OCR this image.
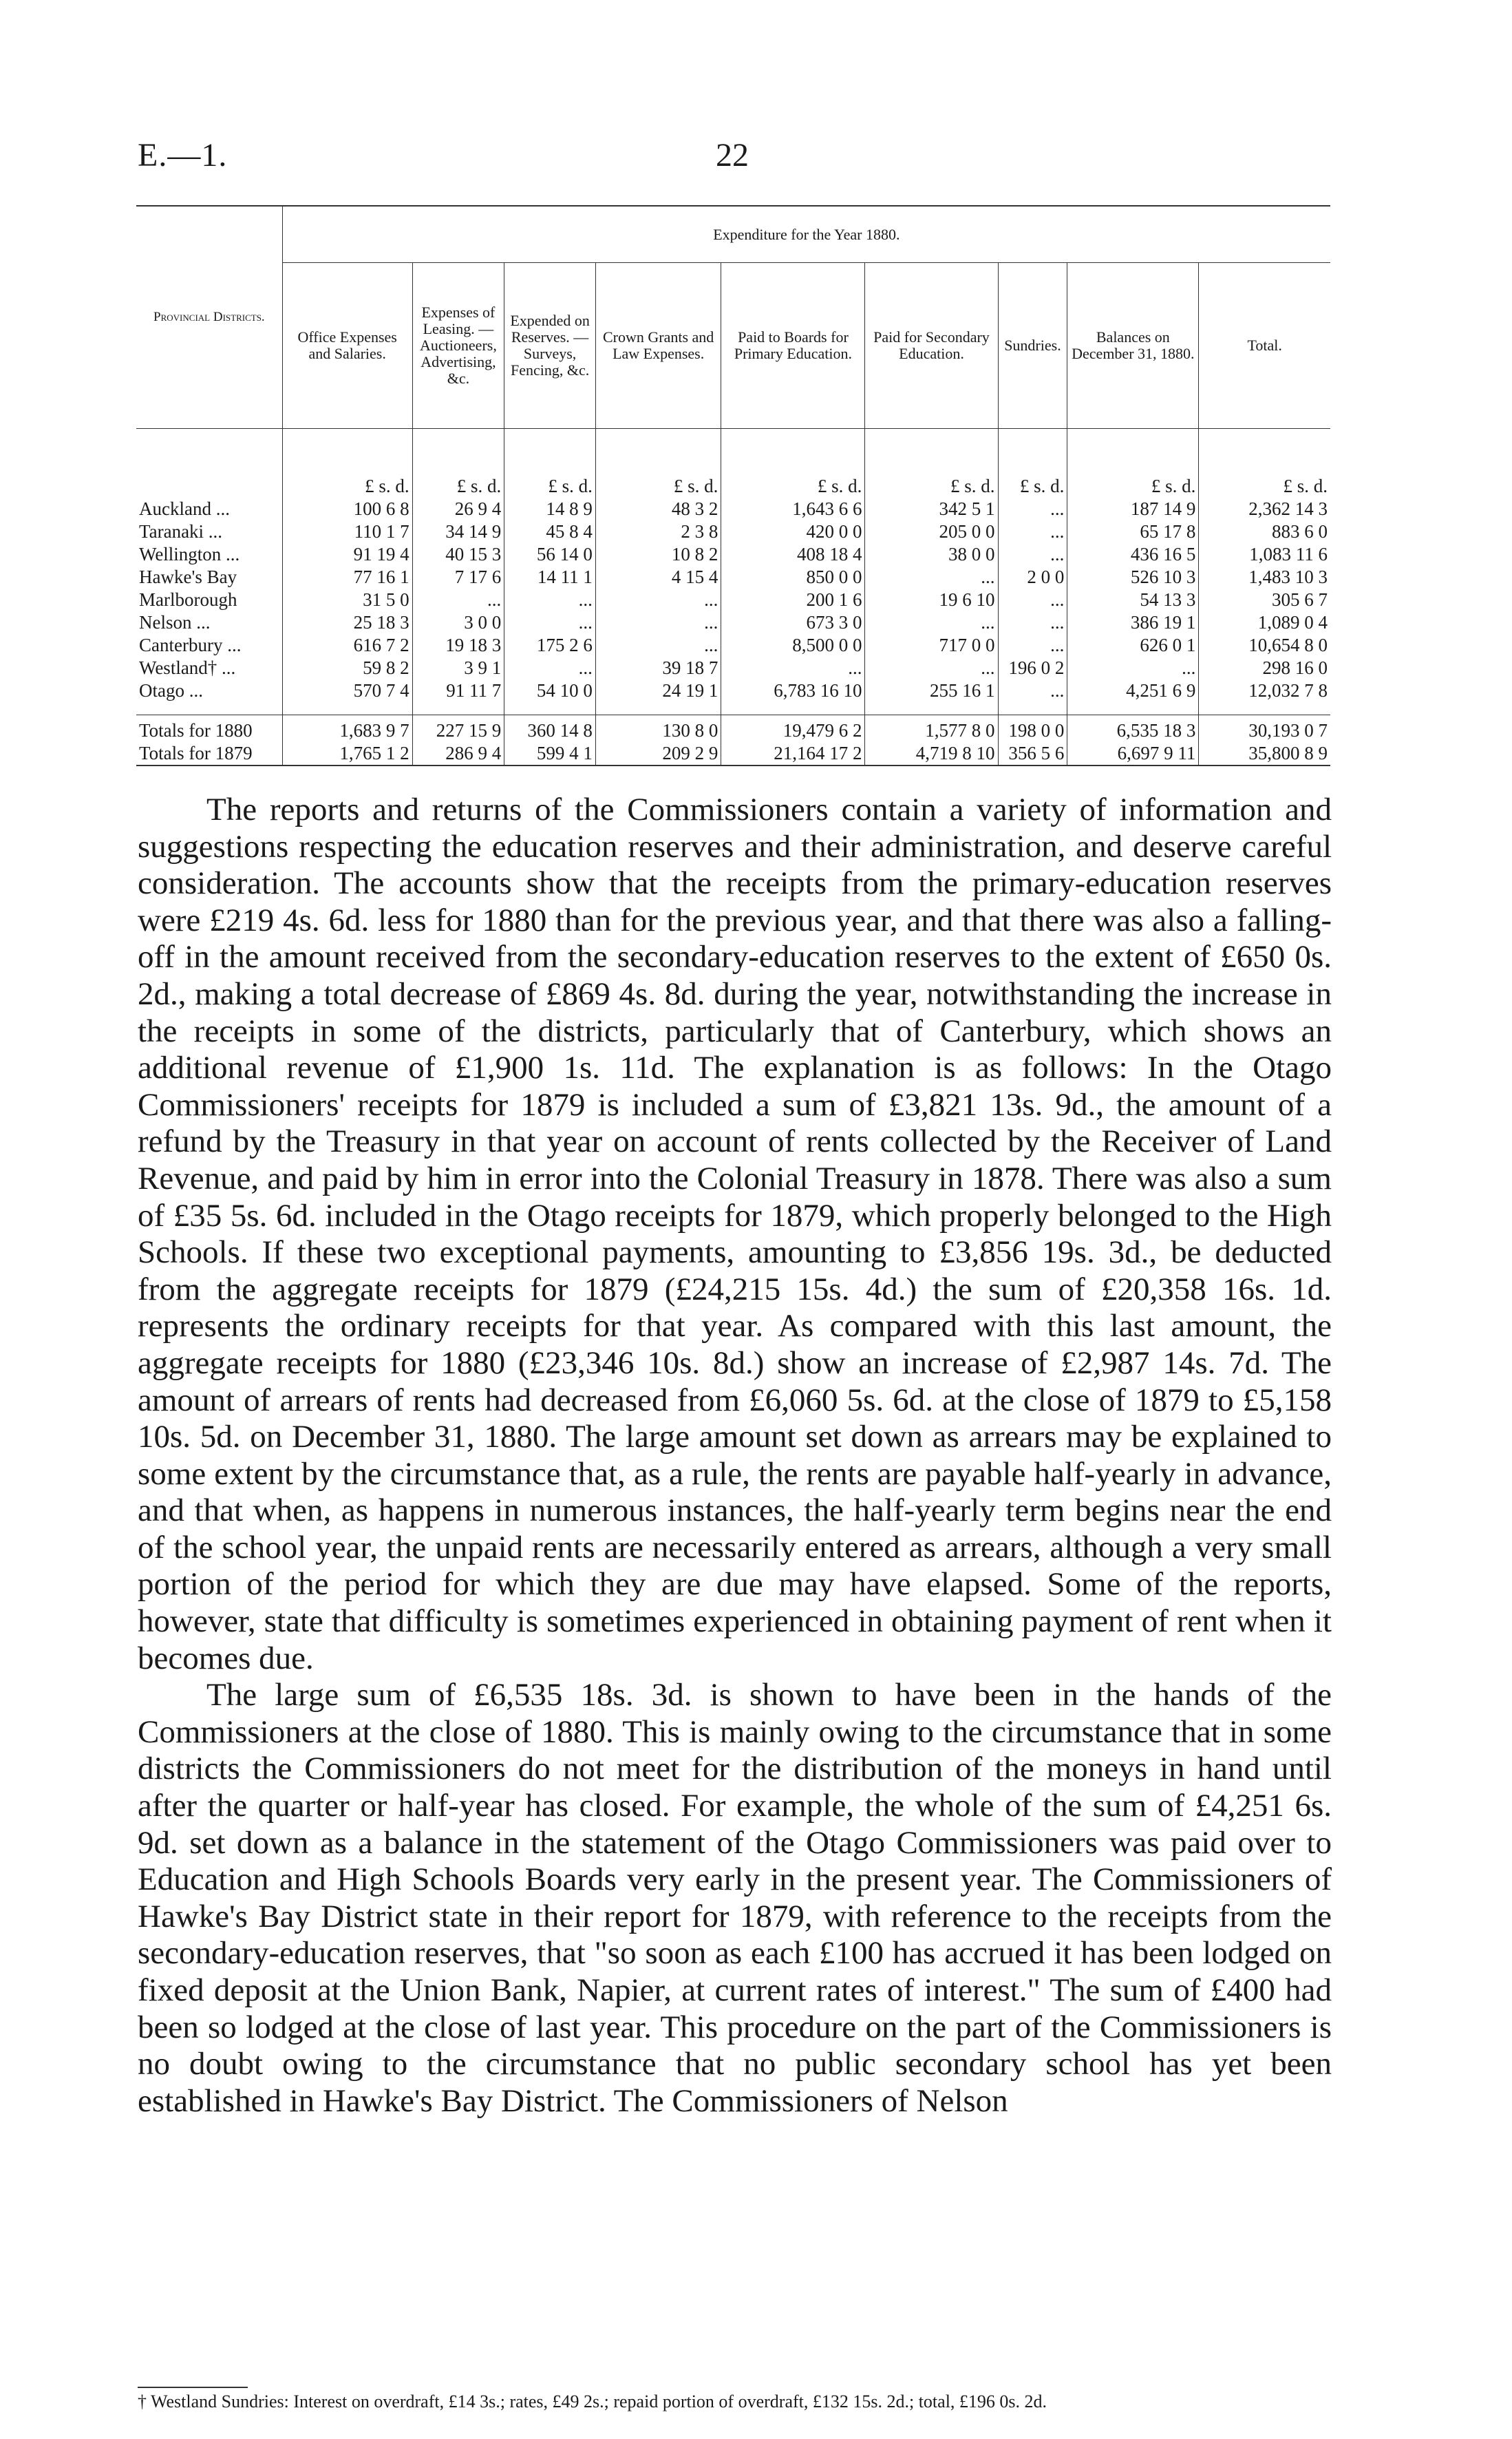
E.—1.	22
Provincial Districts.	Expenditure for the Year 1880.								
	Office Expenses and Salaries.	Expenses of Leasing. — Auctioneers, Advertising, &c.	Expended on Reserves. — Surveys, Fencing, &c.	Crown Grants and Law Expenses.	Paid to Boards for Primary Education.	Paid for Secondary Education.	Sundries.	Balances on December 31, 1880.	Total.

	£ s. d.	£ s. d.	£ s. d.	£ s. d.	£ s. d.	£ s. d.	£ s. d.	£ s. d.	£ s. d.
Auckland ...	100 6 8	26 9 4	14 8 9	48 3 2	1,643 6 6	342 5 1	...	187 14 9	2,362 14 3
Taranaki ...	110 1 7	34 14 9	45 8 4	2 3 8	420 0 0	205 0 0	...	65 17 8	883 6 0
Wellington ...	91 19 4	40 15 3	56 14 0	10 8 2	408 18 4	38 0 0	...	436 16 5	1,083 11 6
Hawke's Bay	77 16 1	7 17 6	14 11 1	4 15 4	850 0 0	...	2 0 0	526 10 3	1,483 10 3
Marlborough	31 5 0	...	...	...	200 1 6	19 6 10	...	54 13 3	305 6 7
Nelson ...	25 18 3	3 0 0	...	...	673 3 0	...	...	386 19 1	1,089 0 4
Canterbury ...	616 7 2	19 18 3	175 2 6	...	8,500 0 0	717 0 0	...	626 0 1	10,654 8 0
Westland† ...	59 8 2	3 9 1	...	39 18 7	...	...	196 0 2	...	298 16 0
Otago ...	570 7 4	91 11 7	54 10 0	24 19 1	6,783 16 10	255 16 1	...	4,251 6 9	12,032 7 8

Totals for 1880	1,683 9 7	227 15 9	360 14 8	130 8 0	19,479 6 2	1,577 8 0	198 0 0	6,535 18 3	30,193 0 7
Totals for 1879	1,765 1 2	286 9 4	599 4 1	209 2 9	21,164 17 2	4,719 8 10	356 5 6	6,697 9 11	35,800 8 9

The reports and returns of the Commissioners contain a variety of information and suggestions respecting the education reserves and their administration, and deserve careful consideration. The accounts show that the receipts from the primary-education reserves were £219 4s. 6d. less for 1880 than for the previous year, and that there was also a falling-off in the amount received from the secondary-education reserves to the extent of £650 0s. 2d., making a total decrease of £869 4s. 8d. during the year, notwithstanding the increase in the receipts in some of the districts, particularly that of Canterbury, which shows an additional revenue of £1,900 1s. 11d. The explanation is as follows: In the Otago Commissioners' receipts for 1879 is included a sum of £3,821 13s. 9d., the amount of a refund by the Treasury in that year on account of rents collected by the Receiver of Land Revenue, and paid by him in error into the Colonial Treasury in 1878. There was also a sum of £35 5s. 6d. included in the Otago receipts for 1879, which properly belonged to the High Schools. If these two exceptional payments, amounting to £3,856 19s. 3d., be deducted from the aggregate receipts for 1879 (£24,215 15s. 4d.) the sum of £20,358 16s. 1d. represents the ordinary receipts for that year. As compared with this last amount, the aggregate receipts for 1880 (£23,346 10s. 8d.) show an increase of £2,987 14s. 7d. The amount of arrears of rents had decreased from £6,060 5s. 6d. at the close of 1879 to £5,158 10s. 5d. on December 31, 1880. The large amount set down as arrears may be explained to some extent by the circumstance that, as a rule, the rents are payable half-yearly in advance, and that when, as happens in numerous instances, the half-yearly term begins near the end of the school year, the unpaid rents are necessarily entered as arrears, although a very small portion of the period for which they are due may have elapsed. Some of the reports, however, state that difficulty is sometimes experienced in obtaining payment of rent when it becomes due.

The large sum of £6,535 18s. 3d. is shown to have been in the hands of the Commissioners at the close of 1880. This is mainly owing to the circumstance that in some districts the Commissioners do not meet for the distribution of the moneys in hand until after the quarter or half-year has closed. For example, the whole of the sum of £4,251 6s. 9d. set down as a balance in the statement of the Otago Commissioners was paid over to Education and High Schools Boards very early in the present year. The Commissioners of Hawke's Bay District state in their report for 1879, with reference to the receipts from the secondary-education reserves, that "so soon as each £100 has accrued it has been lodged on fixed deposit at the Union Bank, Napier, at current rates of interest." The sum of £400 had been so lodged at the close of last year. This procedure on the part of the Commissioners is no doubt owing to the circumstance that no public secondary school has yet been established in Hawke's Bay District. The Commissioners of Nelson

† Westland Sundries: Interest on overdraft, £14 3s.; rates, £49 2s.; repaid portion of overdraft, £132 15s. 2d.; total, £196 0s. 2d.
